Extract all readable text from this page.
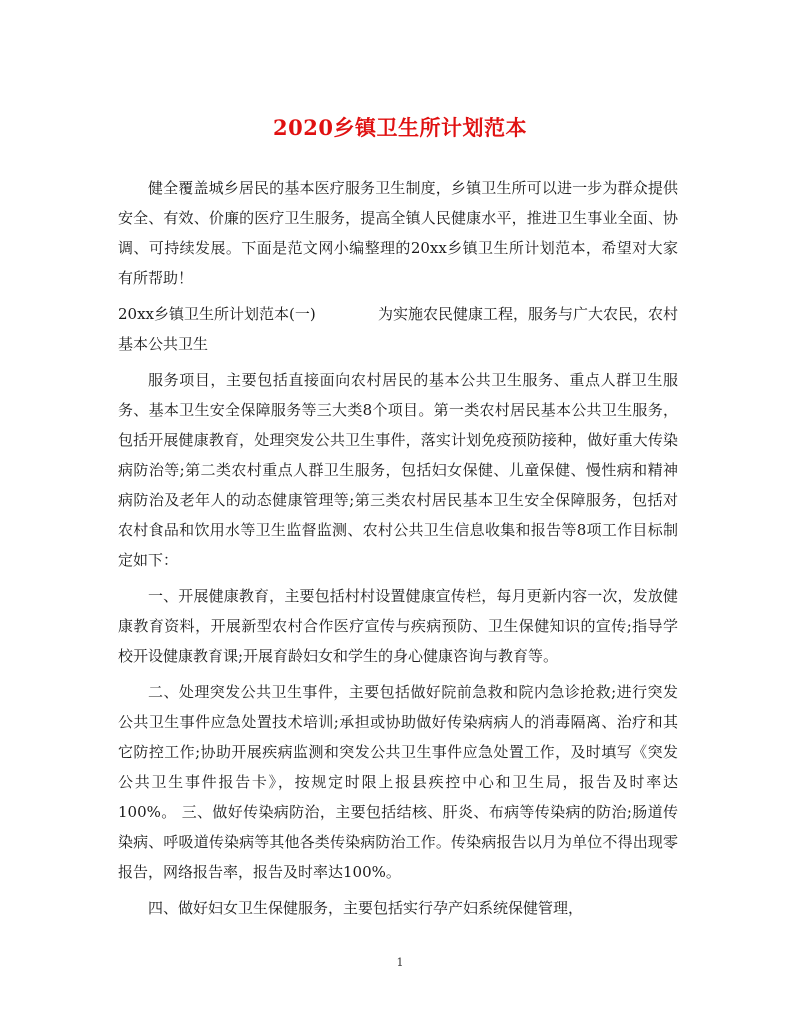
2020乡镇卫生所计划范本

健全覆盖城乡居民的基本医疗服务卫生制度，乡镇卫生所可以进一步为群众提供安全、有效、价廉的医疗卫生服务，提高全镇人民健康水平，推进卫生事业全面、协调、可持续发展。下面是范文网小编整理的20xx乡镇卫生所计划范本，希望对大家有所帮助！

20xx乡镇卫生所计划范本(一)	为实施农民健康工程，服务与广大农民，农村

基本公共卫生

服务项目，主要包括直接面向农村居民的基本公共卫生服务、重点人群卫生服务、基本卫生安全保障服务等三大类8个项目。第一类农村居民基本公共卫生服务，包括开展健康教育，处理突发公共卫生事件，落实计划免疫预防接种，做好重大传染病防治等;第二类农村重点人群卫生服务，包括妇女保健、儿童保健、慢性病和精神病防治及老年人的动态健康管理等;第三类农村居民基本卫生安全保障服务，包括对农村食品和饮用水等卫生监督监测、农村公共卫生信息收集和报告等8项工作目标制定如下：

一、开展健康教育，主要包括村村设置健康宣传栏，每月更新内容一次，发放健康教育资料，开展新型农村合作医疗宣传与疾病预防、卫生保健知识的宣传;指导学校开设健康教育课;开展育龄妇女和学生的身心健康咨询与教育等。

二、处理突发公共卫生事件，主要包括做好院前急救和院内急诊抢救;进行突发公共卫生事件应急处置技术培训;承担或协助做好传染病病人的消毒隔离、治疗和其它防控工作;协助开展疾病监测和突发公共卫生事件应急处置工作，及时填写《突发公共卫生事件报告卡》，按规定时限上报县疾控中心和卫生局，报告及时率达100%。 三、做好传染病防治，主要包括结核、肝炎、布病等传染病的防治;肠道传染病、呼吸道传染病等其他各类传染病防治工作。传染病报告以月为单位不得出现零报告，网络报告率，报告及时率达100%。

四、做好妇女卫生保健服务，主要包括实行孕产妇系统保健管理，

1
